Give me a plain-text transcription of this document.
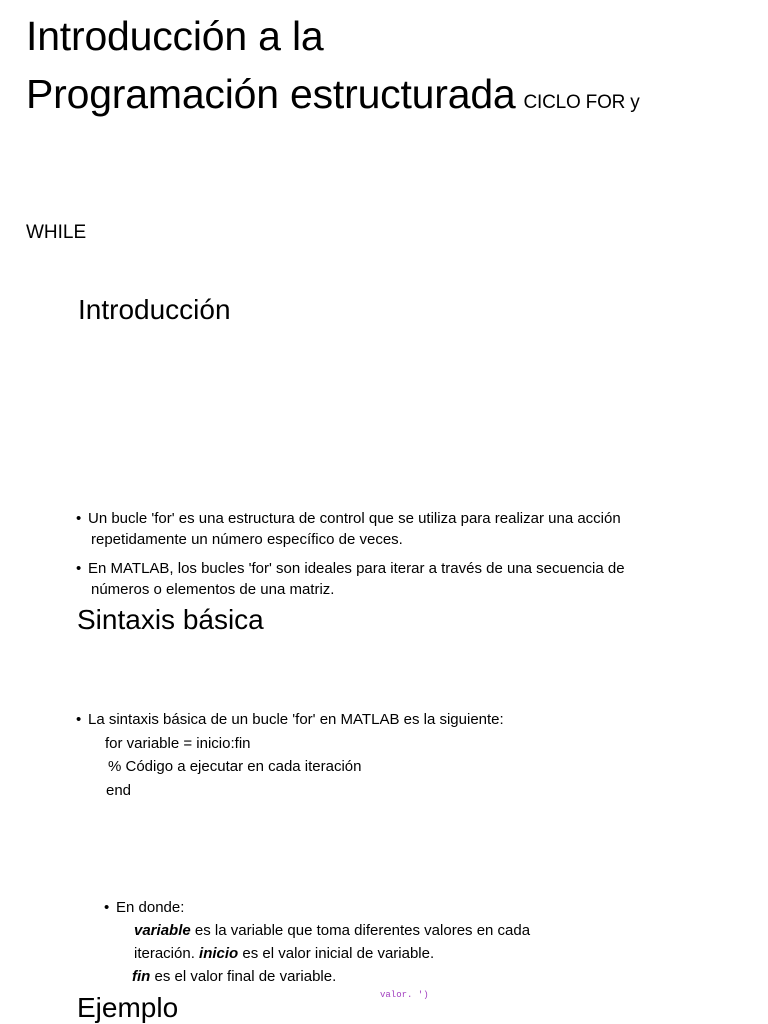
Introducción a la
Programación estructurada CICLO FOR y
WHILE
Introducción
• Un bucle 'for' es una estructura de control que se utiliza para realizar una acción
repetidamente un número específico de veces.
• En MATLAB, los bucles 'for' son ideales para iterar a través de una secuencia de
números o elementos de una matriz.
Sintaxis básica
• La sintaxis básica de un bucle 'for' en MATLAB es la siguiente:
for variable = inicio:fin
% Código a ejecutar en cada iteración
end
• En donde:
variable es la variable que toma diferentes valores en cada
iteración. inicio es el valor inicial de variable.
fin es el valor final de variable.
Ejemplo	valor. ')
